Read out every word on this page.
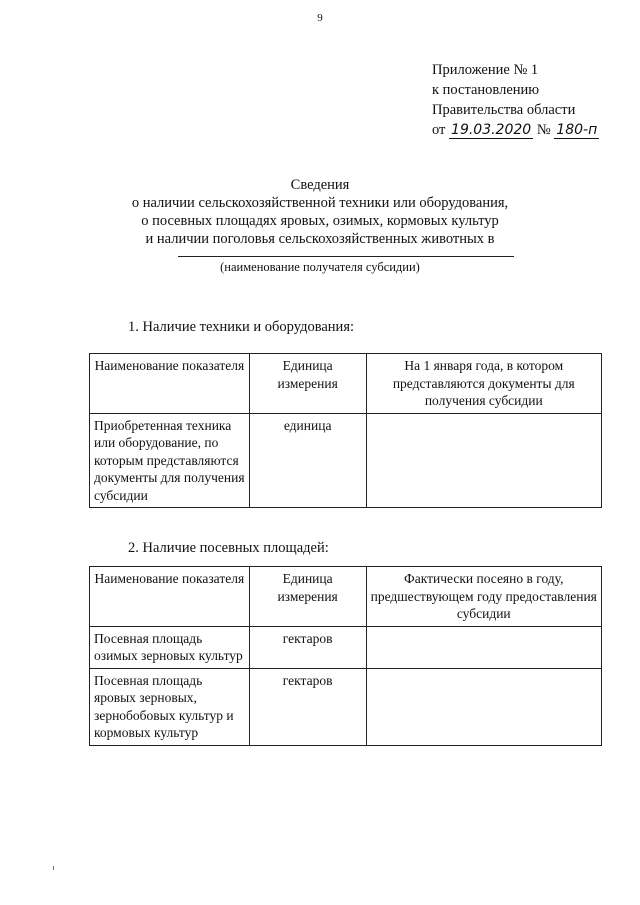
9
Приложение № 1
к постановлению
Правительства области
от 19.03.2020 № 180-п
Сведения
о наличии сельскохозяйственной техники или оборудования,
о посевных площадях яровых, озимых, кормовых культур
и наличии поголовья сельскохозяйственных животных в
(наименование получателя субсидии)
1. Наличие техники и оборудования:
Наименование показателя	Единица измерения	На 1 января года, в котором представляются документы для получения субсидии
Приобретенная техника или оборудование, по которым представляются документы для получения субсидии	единица	
2. Наличие посевных площадей:
Наименование показателя	Единица измерения	Фактически посеяно в году, предшествующем году предоставления субсидии
Посевная площадь озимых зерновых культур	гектаров	
Посевная площадь яровых зерновых, зернобобовых культур и кормовых культур	гектаров	
